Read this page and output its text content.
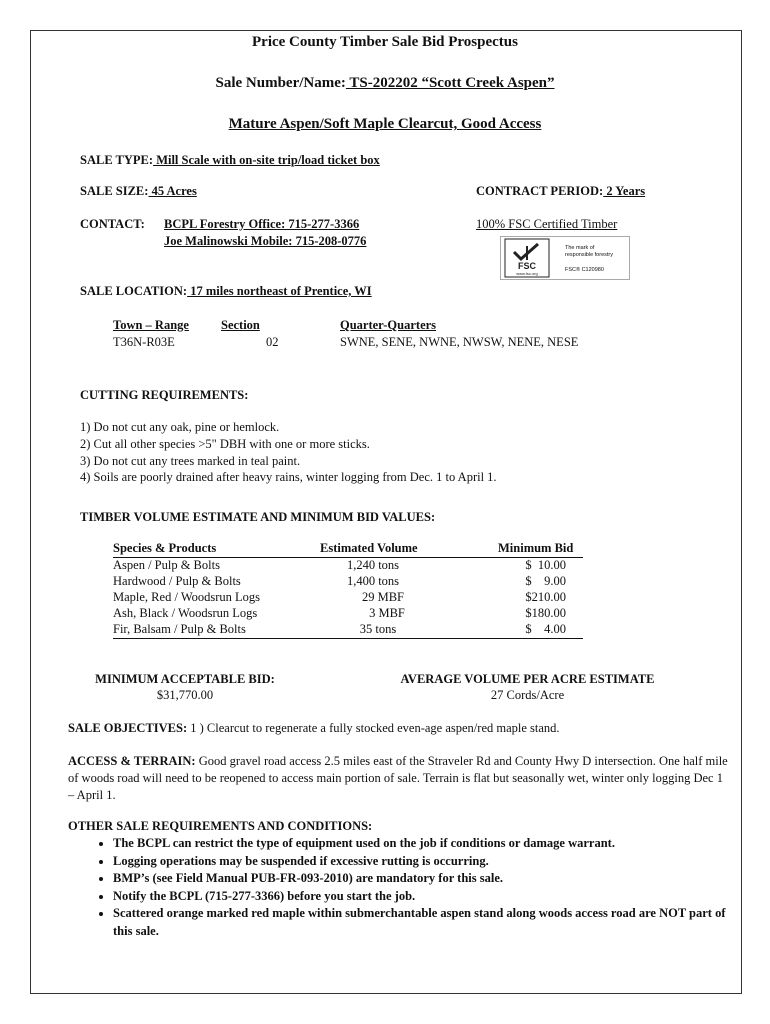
Price County Timber Sale Bid Prospectus
Sale Number/Name: TS-202202 “Scott Creek Aspen”
Mature Aspen/Soft Maple Clearcut, Good Access
SALE TYPE: Mill Scale with on-site trip/load ticket box
SALE SIZE: 45 Acres	CONTRACT PERIOD: 2 Years
CONTACT: BCPL Forestry Office: 715-277-3366
Joe Malinowski Mobile: 715-208-0776
100% FSC Certified Timber
FSC
www.fsc.org
The mark of responsible forestry
FSC® C120980
SALE LOCATION: 17 miles northeast of Prentice, WI
Town – Range	Section	Quarter-Quarters
T36N-R03E	02	SWNE, SENE, NWNE, NWSW, NENE, NESE
CUTTING REQUIREMENTS:
1) Do not cut any oak, pine or hemlock.
2) Cut all other species >5" DBH with one or more sticks.
3) Do not cut any trees marked in teal paint.
4) Soils are poorly drained after heavy rains, winter logging from Dec. 1 to April 1.
TIMBER VOLUME ESTIMATE AND MINIMUM BID VALUES:
Species & Products	Estimated Volume	Minimum Bid
Aspen / Pulp & Bolts	1,240 tons	$  10.00
Hardwood / Pulp & Bolts	1,400 tons	$    9.00
Maple, Red / Woodsrun Logs	29 MBF	$210.00
Ash, Black / Woodsrun Logs	3 MBF	$180.00
Fir, Balsam / Pulp & Bolts	35 tons	$    4.00
MINIMUM ACCEPTABLE BID:
$31,770.00
AVERAGE VOLUME PER ACRE ESTIMATE
27 Cords/Acre
SALE OBJECTIVES: 1 ) Clearcut to regenerate a fully stocked even-age aspen/red maple stand.
ACCESS & TERRAIN: Good gravel road access 2.5 miles east of the Straveler Rd and County Hwy D intersection. One half mile of woods road will need to be reopened to access main portion of sale. Terrain is flat but seasonally wet, winter only logging Dec 1 – April 1.
OTHER SALE REQUIREMENTS AND CONDITIONS:
• The BCPL can restrict the type of equipment used on the job if conditions or damage warrant.
• Logging operations may be suspended if excessive rutting is occurring.
• BMP’s (see Field Manual PUB-FR-093-2010) are mandatory for this sale.
• Notify the BCPL (715-277-3366) before you start the job.
• Scattered orange marked red maple within submerchantable aspen stand along woods access road are NOT part of this sale.
